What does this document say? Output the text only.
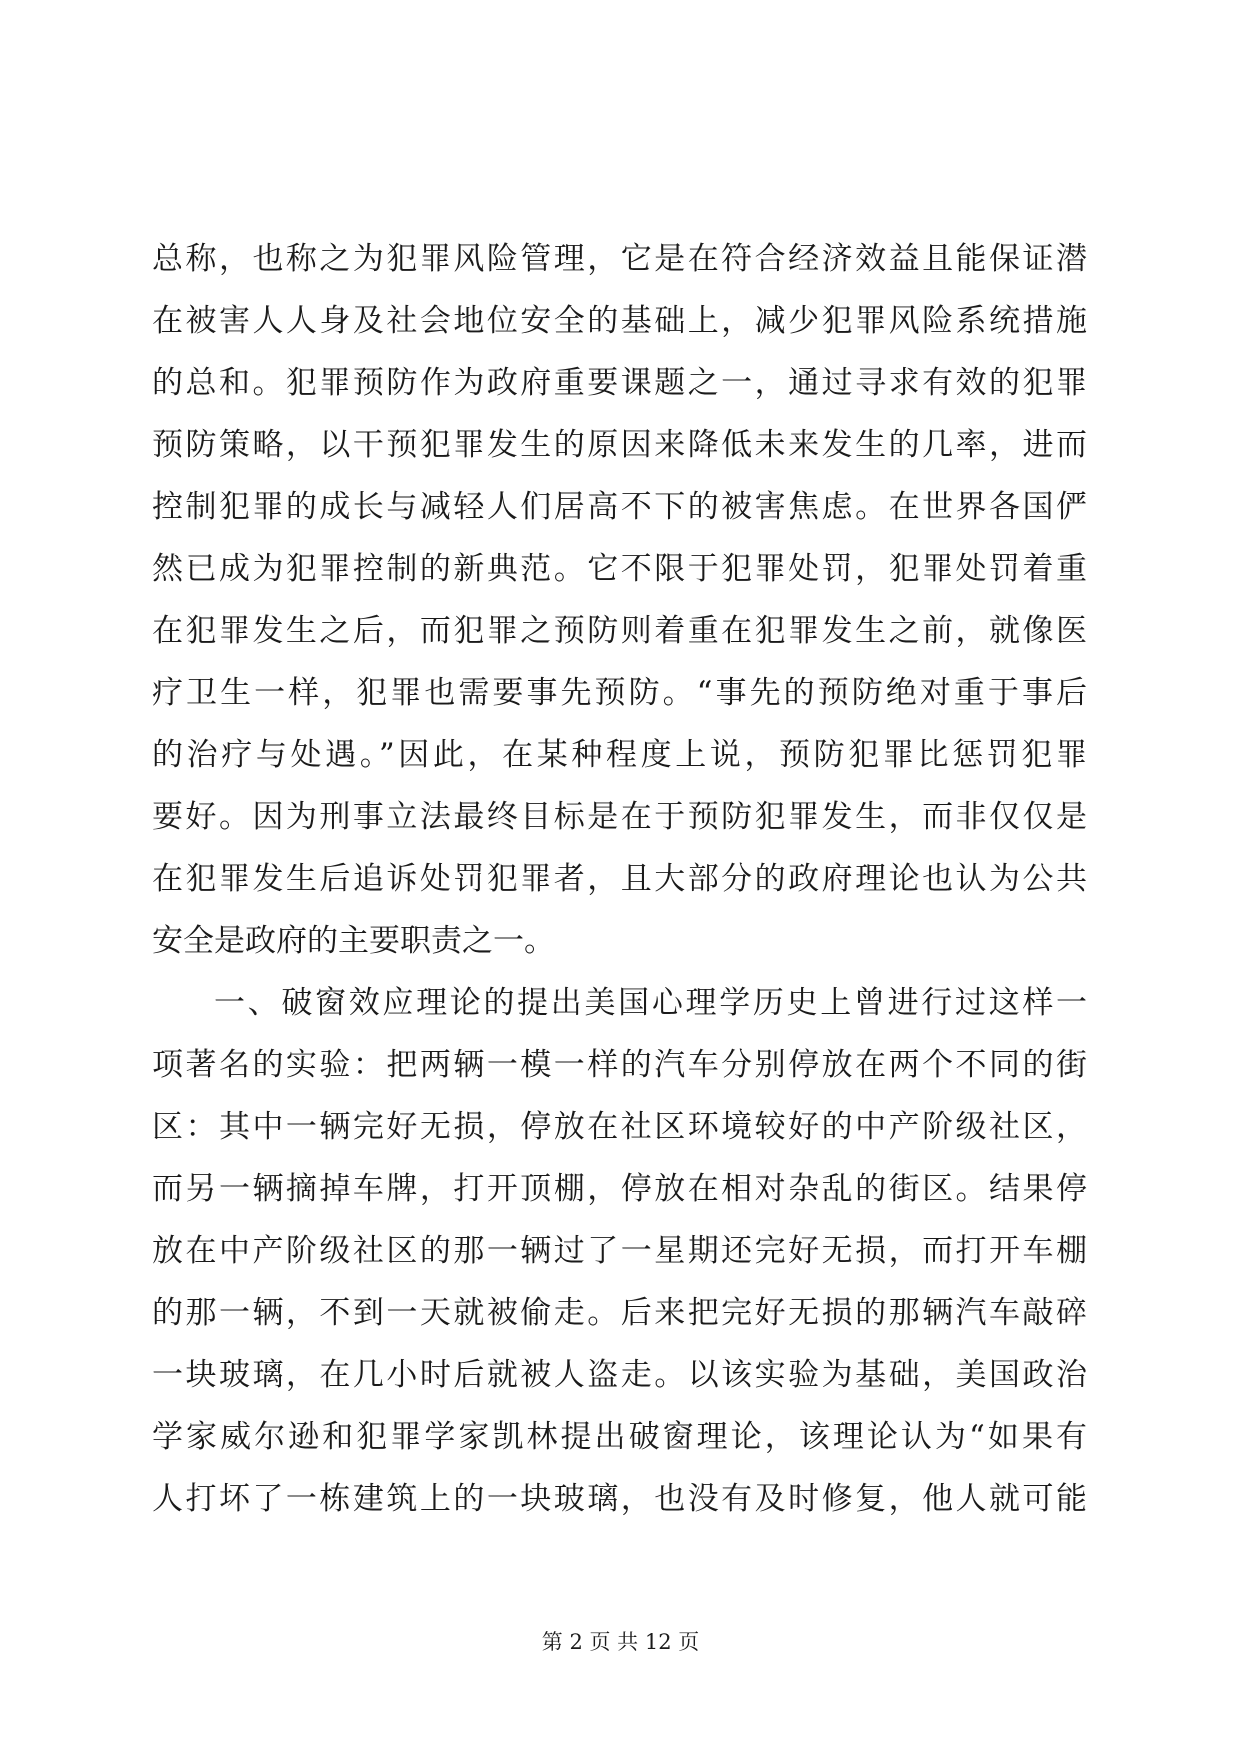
总称，也称之为犯罪风险管理，它是在符合经济效益且能保证潜
在被害人人身及社会地位安全的基础上，减少犯罪风险系统措施
的总和。犯罪预防作为政府重要课题之一，通过寻求有效的犯罪
预防策略，以干预犯罪发生的原因来降低未来发生的几率，进而
控制犯罪的成长与减轻人们居高不下的被害焦虑。在世界各国俨
然已成为犯罪控制的新典范。它不限于犯罪处罚，犯罪处罚着重
在犯罪发生之后，而犯罪之预防则着重在犯罪发生之前，就像医
疗卫生一样，犯罪也需要事先预防。“事先的预防绝对重于事后
的治疗与处遇。”因此，在某种程度上说，预防犯罪比惩罚犯罪
要好。因为刑事立法最终目标是在于预防犯罪发生，而非仅仅是
在犯罪发生后追诉处罚犯罪者，且大部分的政府理论也认为公共
安全是政府的主要职责之一。
一、破窗效应理论的提出美国心理学历史上曾进行过这样一
项著名的实验：把两辆一模一样的汽车分别停放在两个不同的街
区：其中一辆完好无损，停放在社区环境较好的中产阶级社区，
而另一辆摘掉车牌，打开顶棚，停放在相对杂乱的街区。结果停
放在中产阶级社区的那一辆过了一星期还完好无损，而打开车棚
的那一辆，不到一天就被偷走。后来把完好无损的那辆汽车敲碎
一块玻璃，在几小时后就被人盗走。以该实验为基础，美国政治
学家威尔逊和犯罪学家凯林提出破窗理论，该理论认为“如果有
人打坏了一栋建筑上的一块玻璃，也没有及时修复，他人就可能
第 2 页 共 12 页
